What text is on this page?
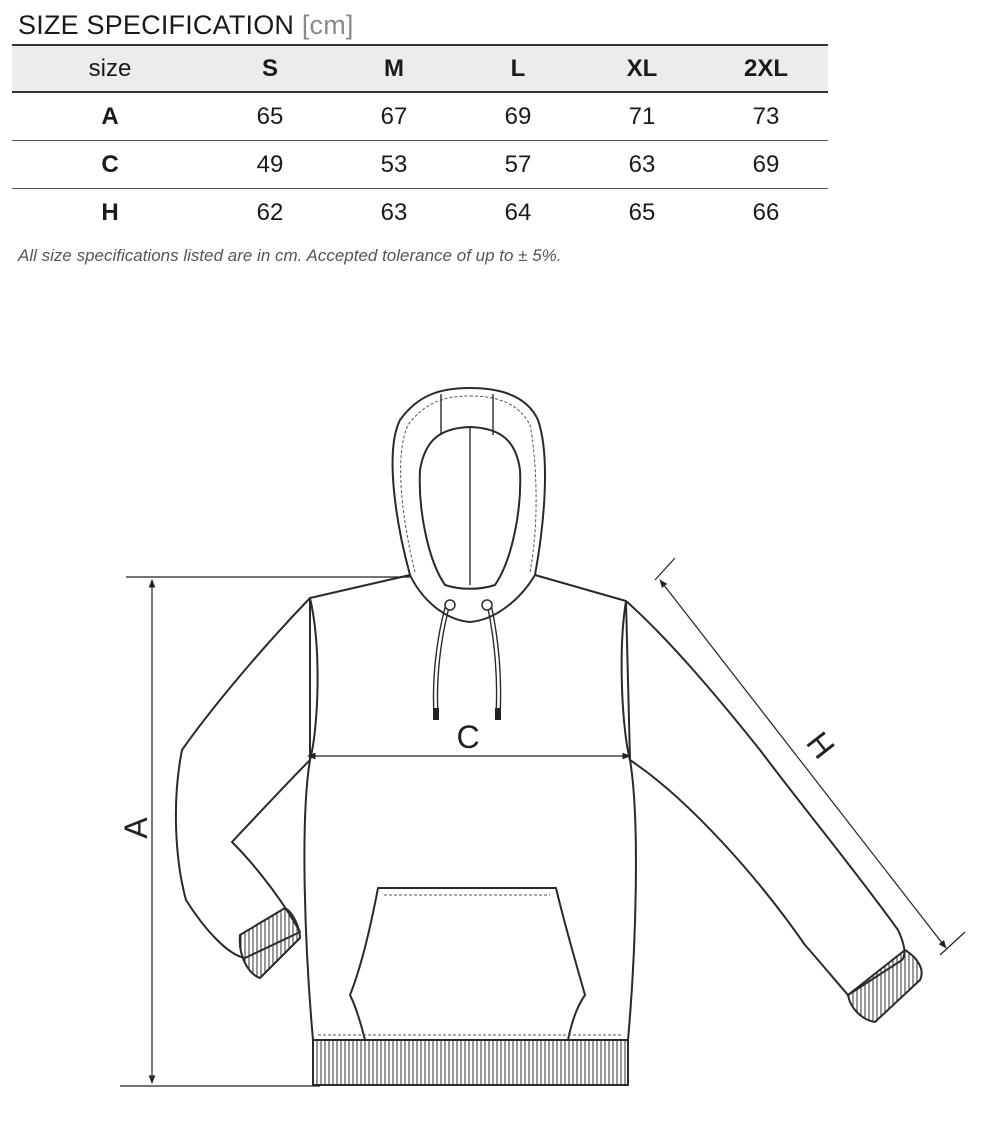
SIZE SPECIFICATION [cm]
size	S	M	L	XL	2XL
A	65	67	69	71	73
C	49	53	57	63	69
H	62	63	64	65	66
All size specifications listed are in cm. Accepted tolerance of up to ± 5%.
A
C	H
